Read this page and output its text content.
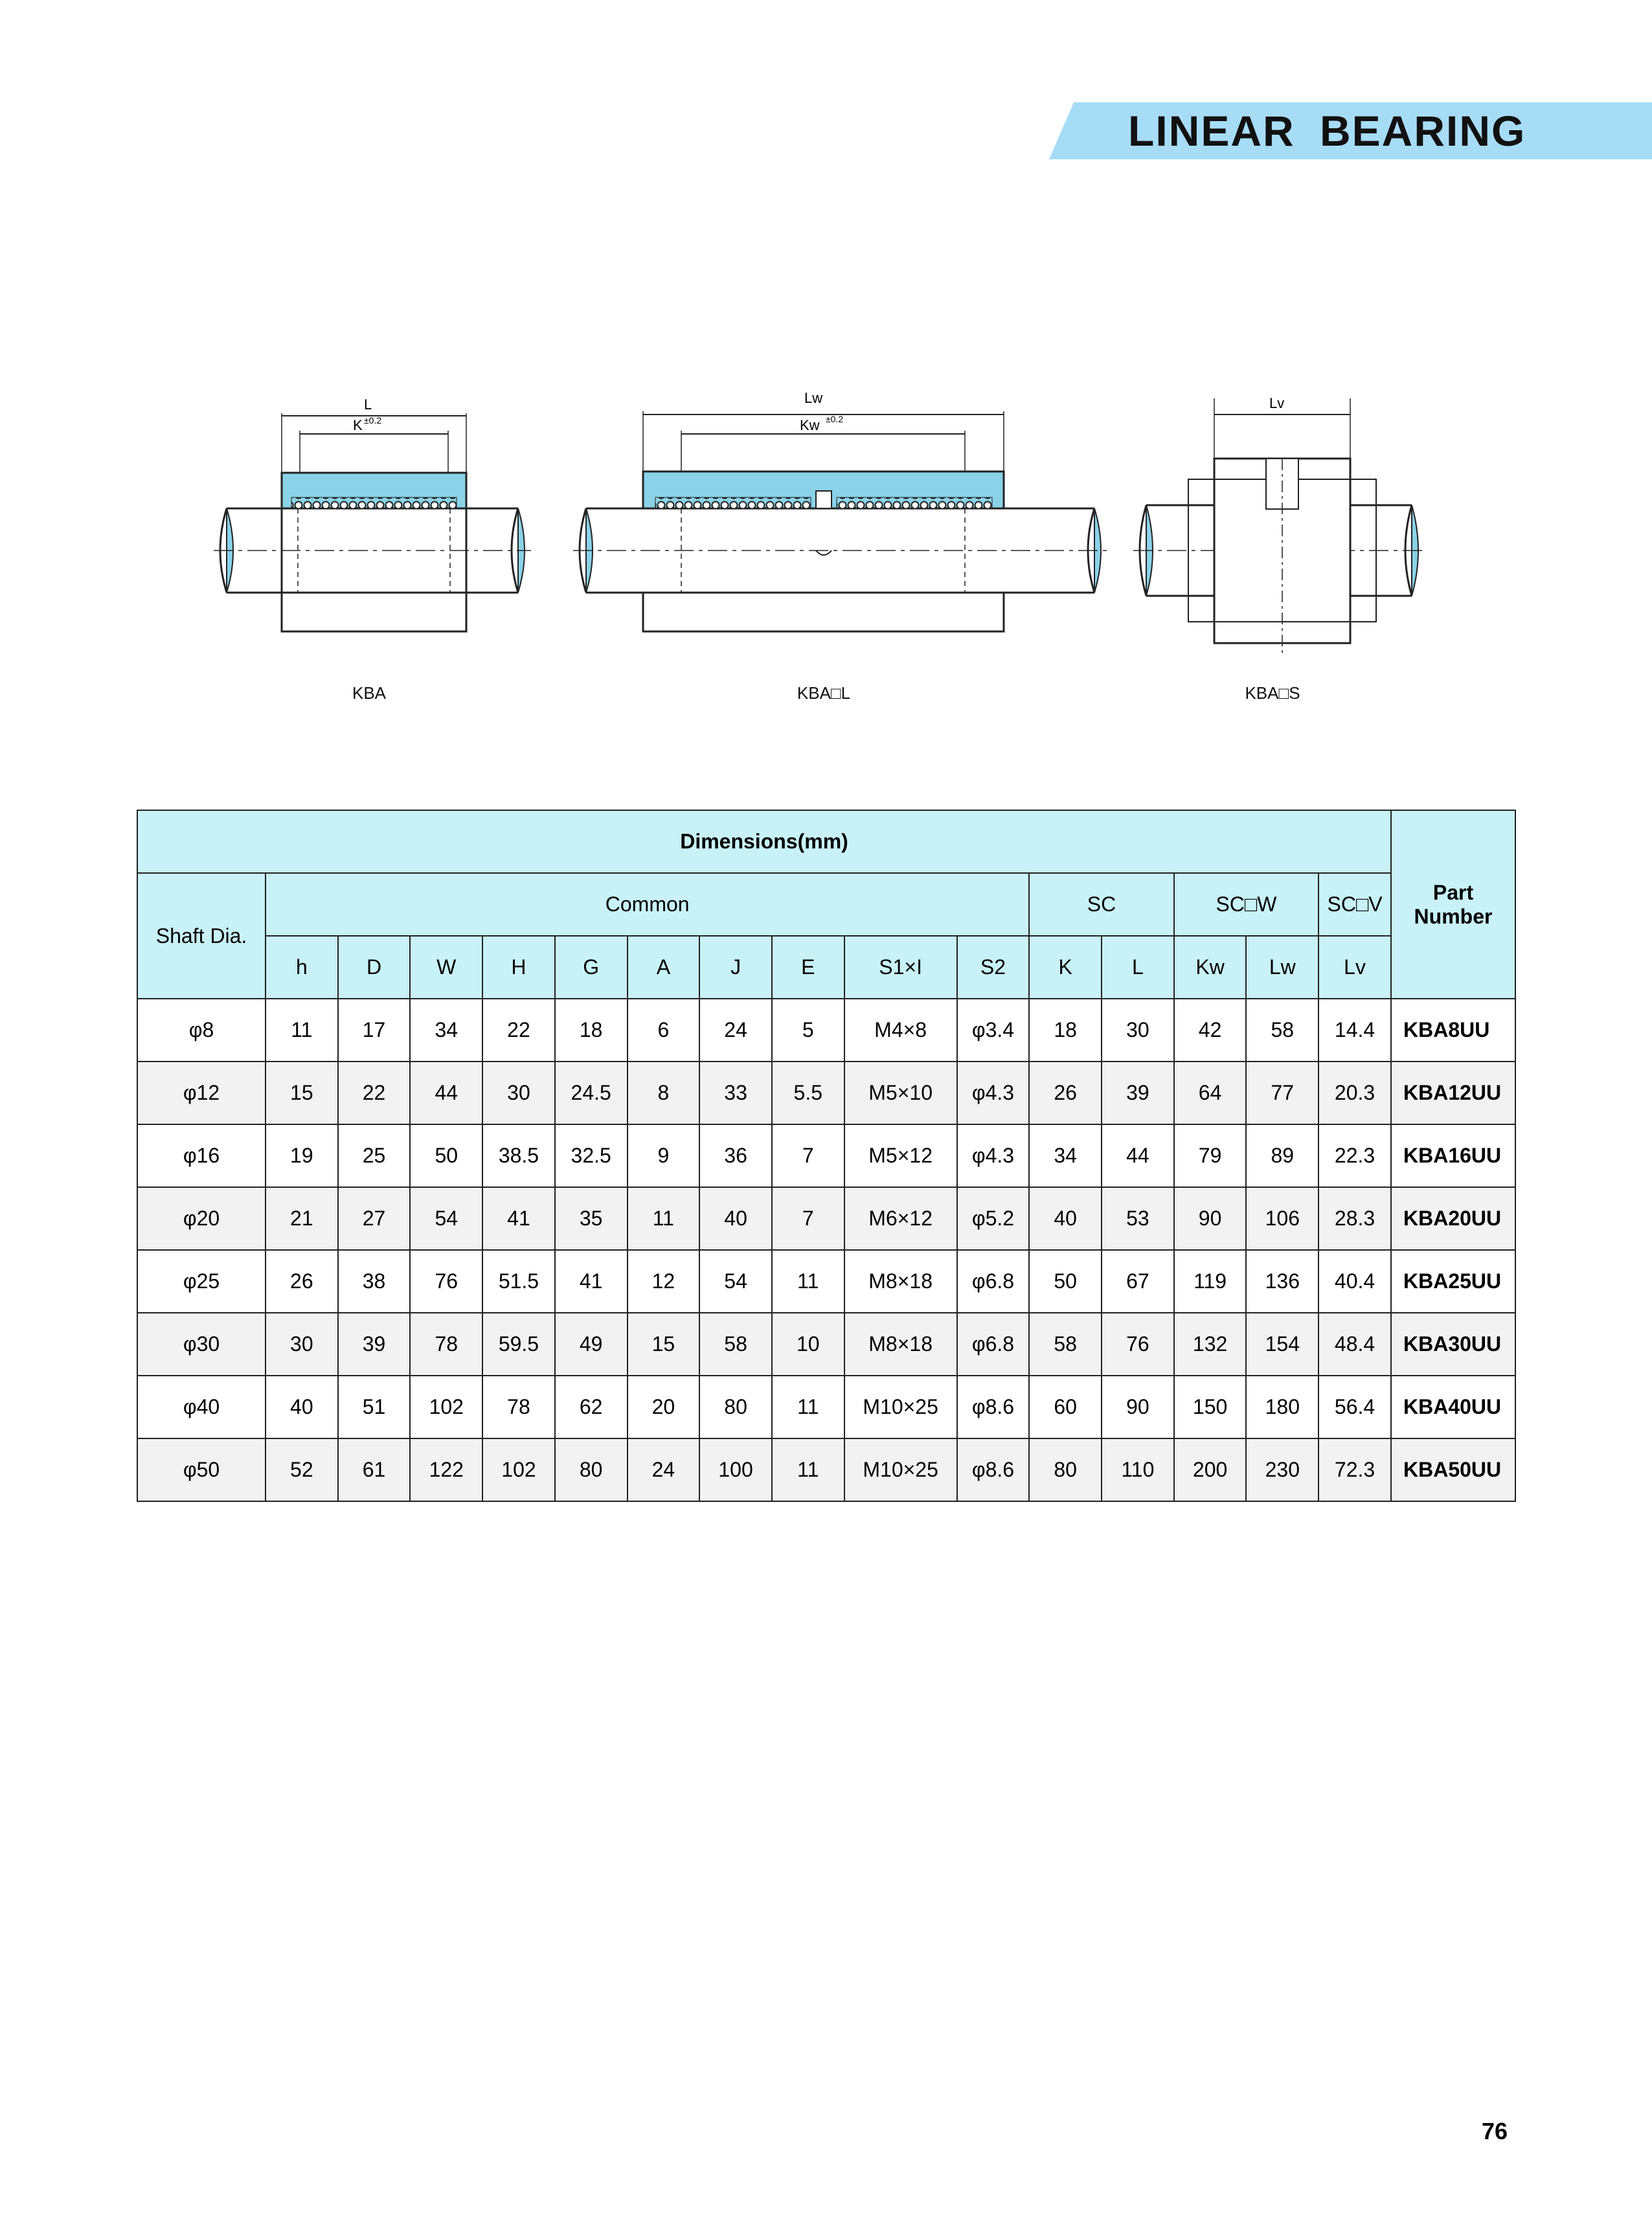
LINEAR BEARING
L
K ±0.2
Lw
Kw ±0.2
Lv
KBA	KBA□L	KBA□S
Dimensions(mm)																Part
Number
Shaft Dia.	Common										SC		SC□W		SC□V	
	h	D	W	H	G	A	J	E	S1×I	S2	K	L	Kw	Lw	Lv	
φ8	11	17	34	22	18	6	24	5	M4×8	φ3.4	18	30	42	58	14.4	KBA8UU
φ12	15	22	44	30	24.5	8	33	5.5	M5×10	φ4.3	26	39	64	77	20.3	KBA12UU
φ16	19	25	50	38.5	32.5	9	36	7	M5×12	φ4.3	34	44	79	89	22.3	KBA16UU
φ20	21	27	54	41	35	11	40	7	M6×12	φ5.2	40	53	90	106	28.3	KBA20UU
φ25	26	38	76	51.5	41	12	54	11	M8×18	φ6.8	50	67	119	136	40.4	KBA25UU
φ30	30	39	78	59.5	49	15	58	10	M8×18	φ6.8	58	76	132	154	48.4	KBA30UU
φ40	40	51	102	78	62	20	80	11	M10×25	φ8.6	60	90	150	180	56.4	KBA40UU
φ50	52	61	122	102	80	24	100	11	M10×25	φ8.6	80	110	200	230	72.3	KBA50UU
76
